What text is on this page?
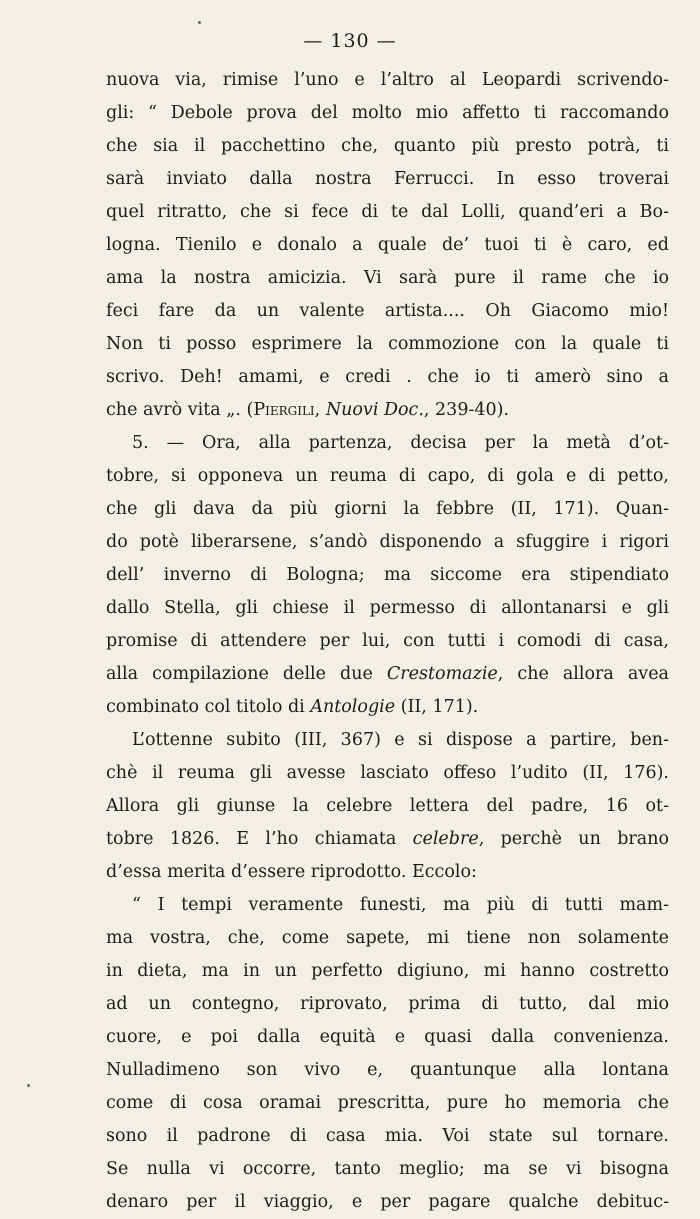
— 130 —
nuova via, rimise l’uno e l’altro al Leopardi scrivendo-
gli: “ Debole prova del molto mio affetto ti raccomando
che sia il pacchettino che, quanto più presto potrà, ti
sarà inviato dalla nostra Ferrucci. In esso troverai
quel ritratto, che si fece di te dal Lolli, quand’eri a Bo-
logna. Tienilo e donalo a quale de’ tuoi ti è caro, ed
ama la nostra amicizia. Vi sarà pure il rame che io
feci fare da un valente artista.... Oh Giacomo mio!
Non ti posso esprimere la commozione con la quale ti
scrivo. Deh! amami, e credi . che io ti amerò sino a
che avrò vita „. (Piergili, Nuovi Doc., 239-40).
5. — Ora, alla partenza, decisa per la metà d’ot-
tobre, si opponeva un reuma di capo, di gola e di petto,
che gli dava da più giorni la febbre (II, 171). Quan-
do potè liberarsene, s’andò disponendo a sfuggire i rigori
dell’ inverno di Bologna; ma siccome era stipendiato
dallo Stella, gli chiese il permesso di allontanarsi e gli
promise di attendere per lui, con tutti i comodi di casa,
alla compilazione delle due Crestomazie, che allora avea
combinato col titolo di Antologie (II, 171).
L’ottenne subito (III, 367) e si dispose a partire, ben-
chè il reuma gli avesse lasciato offeso l’udito (II, 176).
Allora gli giunse la celebre lettera del padre, 16 ot-
tobre 1826. E l’ho chiamata celebre, perchè un brano
d’essa merita d’essere riprodotto. Eccolo:
“ I tempi veramente funesti, ma più di tutti mam-
ma vostra, che, come sapete, mi tiene non solamente
in dieta, ma in un perfetto digiuno, mi hanno costretto
ad un contegno, riprovato, prima di tutto, dal mio
cuore, e poi dalla equità e quasi dalla convenienza.
Nulladimeno son vivo e, quantunque alla lontana
come di cosa oramai prescritta, pure ho memoria che
sono il padrone di casa mia. Voi state sul tornare.
Se nulla vi occorre, tanto meglio; ma se vi bisogna
denaro per il viaggio, e per pagare qualche debituc-
